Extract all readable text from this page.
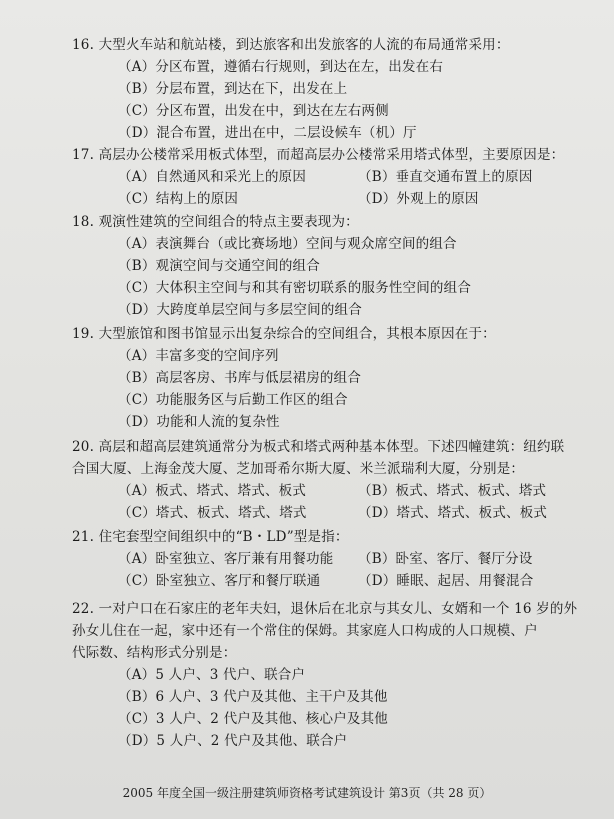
16. 大型火车站和航站楼，到达旅客和出发旅客的人流的布局通常采用：

（A）分区布置，遵循右行规则，到达在左，出发在右

（B）分层布置，到达在下，出发在上

（C）分区布置，出发在中，到达在左右两侧

（D）混合布置，进出在中，二层设候车（机）厅

17. 高层办公楼常采用板式体型，而超高层办公楼常采用塔式体型，主要原因是：

（A）自然通风和采光上的原因	（B）垂直交通布置上的原因

（C）结构上的原因	（D）外观上的原因

18. 观演性建筑的空间组合的特点主要表现为：

（A）表演舞台（或比赛场地）空间与观众席空间的组合

（B）观演空间与交通空间的组合

（C）大体积主空间与和其有密切联系的服务性空间的组合

（D）大跨度单层空间与多层空间的组合

19. 大型旅馆和图书馆显示出复杂综合的空间组合，其根本原因在于：

（A）丰富多变的空间序列

（B）高层客房、书库与低层裙房的组合

（C）功能服务区与后勤工作区的组合

（D）功能和人流的复杂性

20. 高层和超高层建筑通常分为板式和塔式两种基本体型。下述四幢建筑：纽约联

合国大厦、上海金茂大厦、芝加哥希尔斯大厦、米兰派瑞利大厦，分别是：

（A）板式、塔式、塔式、板式	（B）板式、塔式、板式、塔式

（C）塔式、板式、塔式、塔式	（D）塔式、塔式、板式、板式

21. 住宅套型空间组织中的“B・LD”型是指：

（A）卧室独立、客厅兼有用餐功能	（B）卧室、客厅、餐厅分设

（C）卧室独立、客厅和餐厅联通	（D）睡眠、起居、用餐混合

22. 一对户口在石家庄的老年夫妇，退休后在北京与其女儿、女婿和一个 16 岁的外

孙女儿住在一起，家中还有一个常住的保姆。其家庭人口构成的人口规模、户

代际数、结构形式分别是：

（A）5 人户、3 代户、联合户

（B）6 人户、3 代户及其他、主干户及其他

（C）3 人户、2 代户及其他、核心户及其他

（D）5 人户、2 代户及其他、联合户

2005 年度全国一级注册建筑师资格考试建筑设计 第3页（共 28 页）
